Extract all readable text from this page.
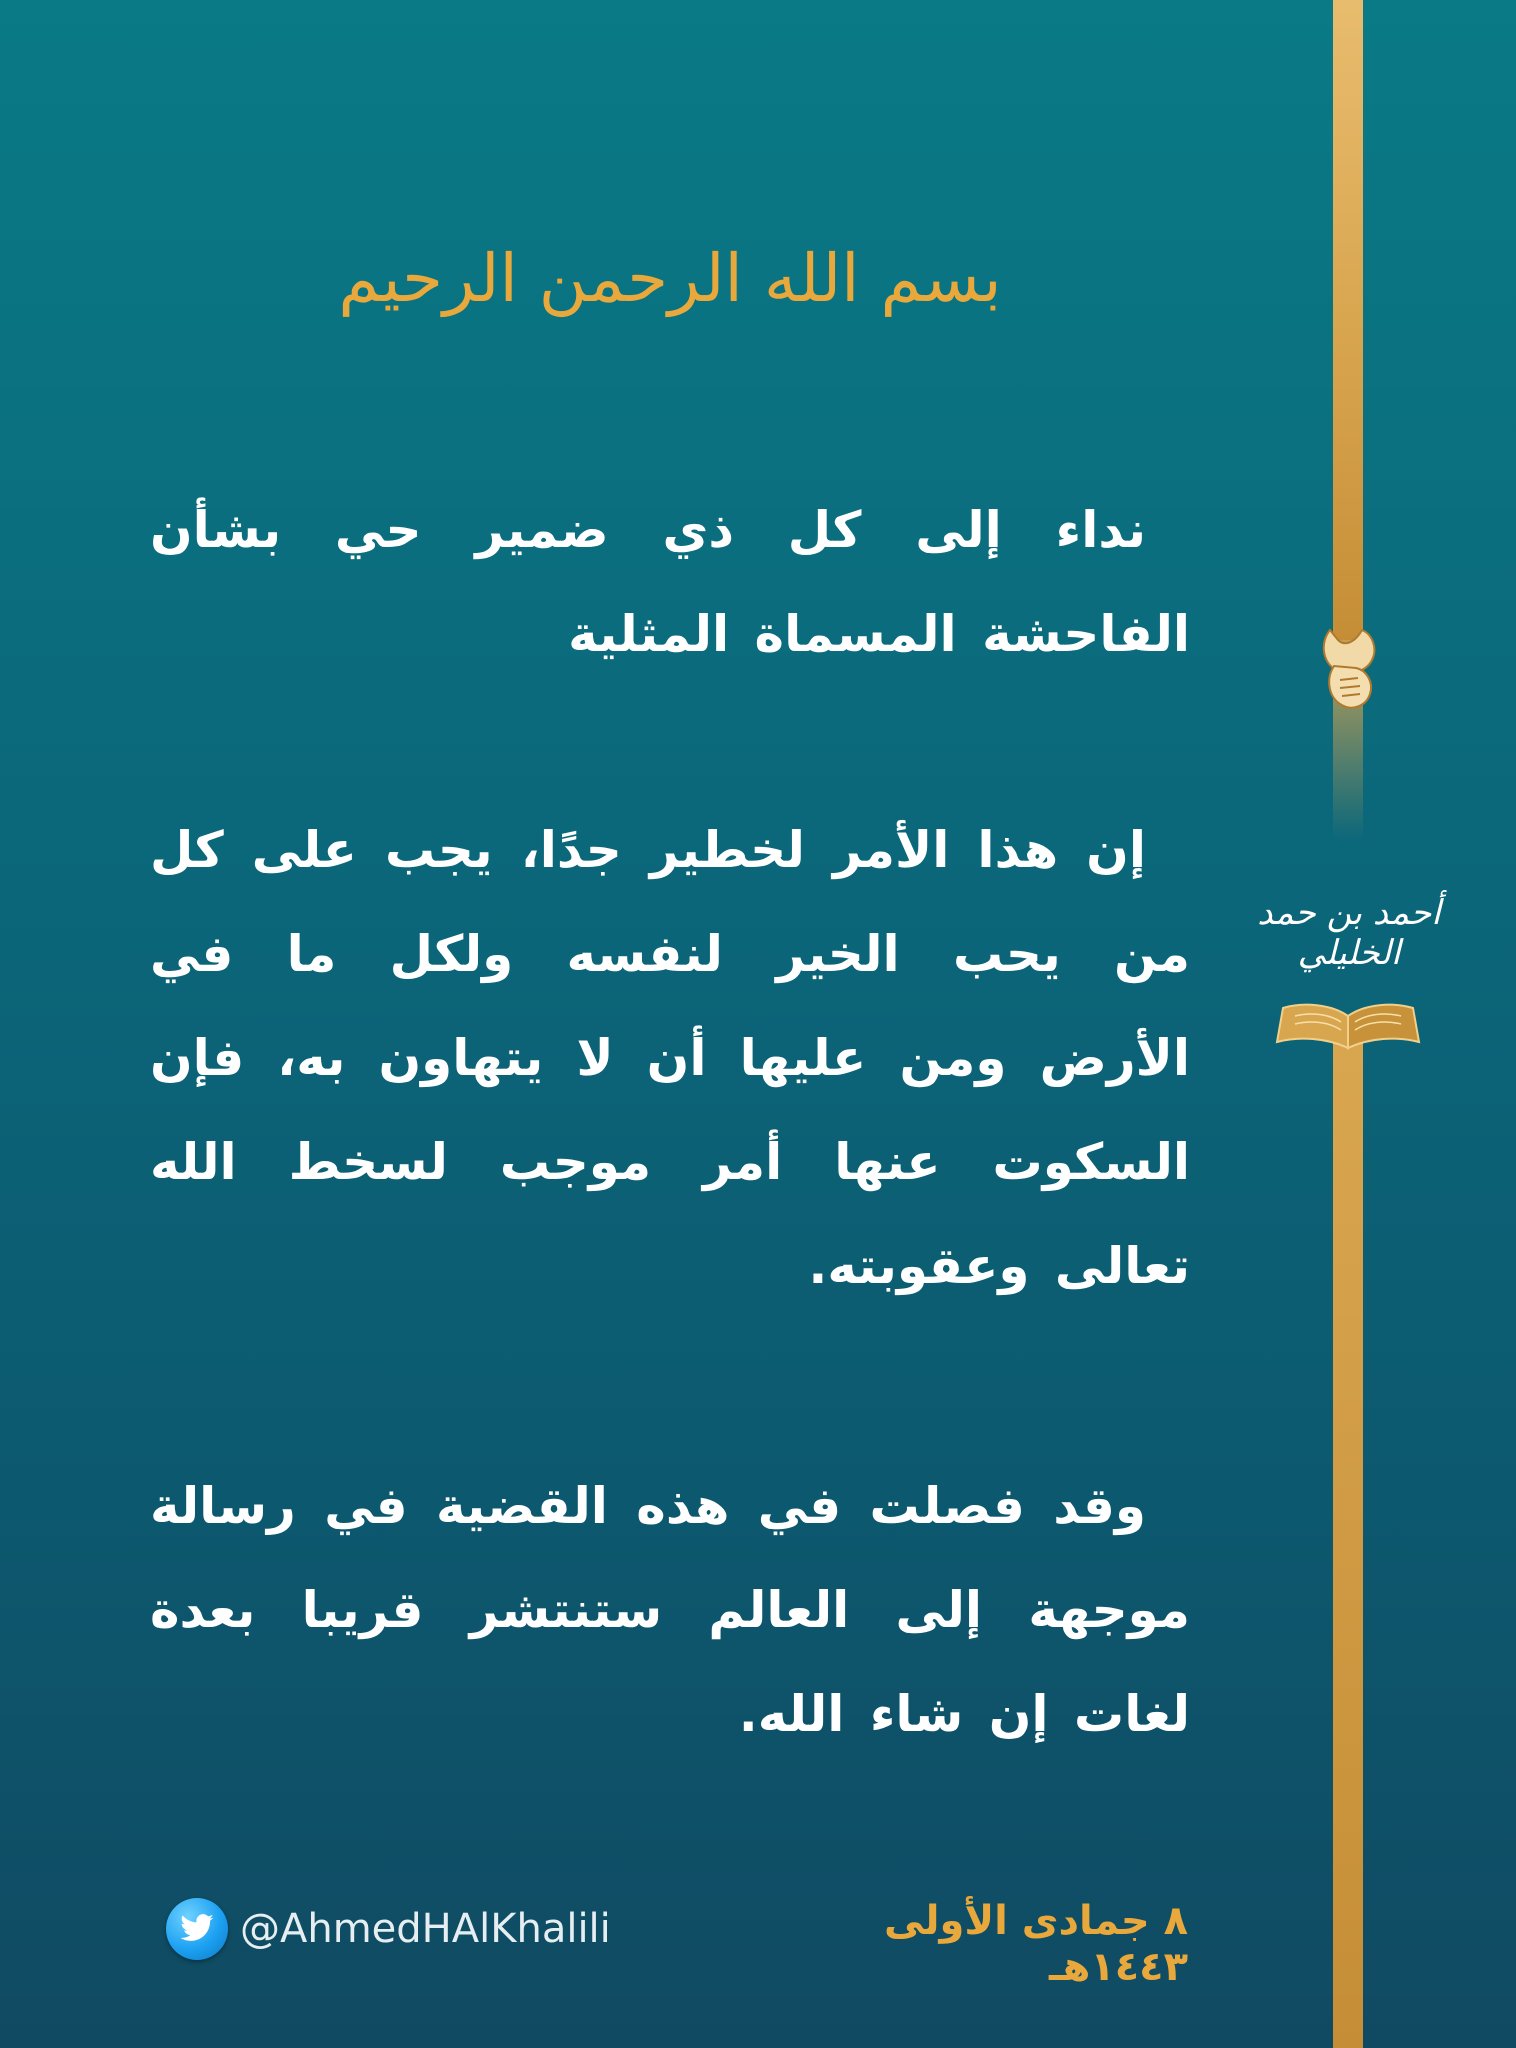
أحمد بن حمد الخليلي
بسم الله الرحمن الرحيم
نداء إلى كل ذي ضمير حي بشأن الفاحشة المسماة المثلية
إن هذا الأمر لخطير جدًا، يجب على كل من يحب الخير لنفسه ولكل ما في الأرض ومن عليها أن لا يتهاون به، فإن السكوت عنها أمر موجب لسخط الله تعالى وعقوبته.
وقد فصلت في هذه القضية في رسالة موجهة إلى العالم ستنتشر قريبا بعدة لغات إن شاء الله.
٨ جمادى الأولى ١٤٤٣هـ
@AhmedHAlKhalili
